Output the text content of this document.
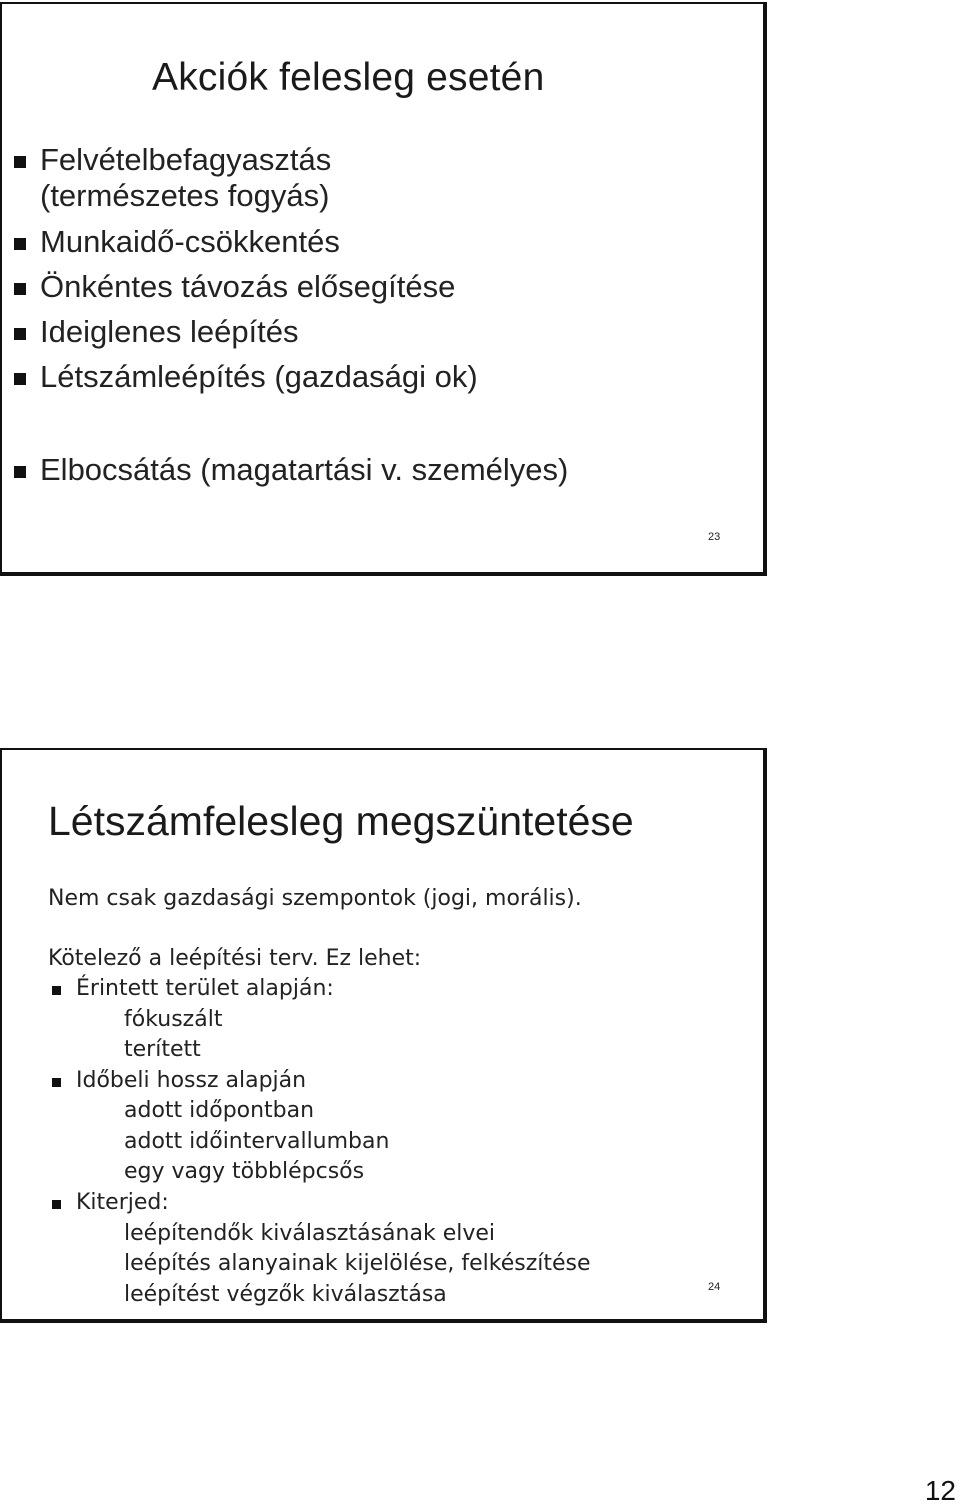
Akciók felesleg esetén
Felvételbefagyasztás
(természetes fogyás)
Munkaidő-csökkentés
Önkéntes távozás elősegítése
Ideiglenes leépítés
Létszámleépítés (gazdasági ok)
Elbocsátás (magatartási v. személyes)
23
Létszámfelesleg megszüntetése
Nem csak gazdasági szempontok (jogi, morális).
Kötelező a leépítési terv. Ez lehet:
Érintett terület alapján:
fókuszált
terített
Időbeli hossz alapján
adott időpontban
adott időintervallumban
egy vagy többlépcsős
Kiterjed:
leépítendők kiválasztásának elvei
leépítés alanyainak kijelölése, felkészítése
leépítést végzők kiválasztása	24
12
